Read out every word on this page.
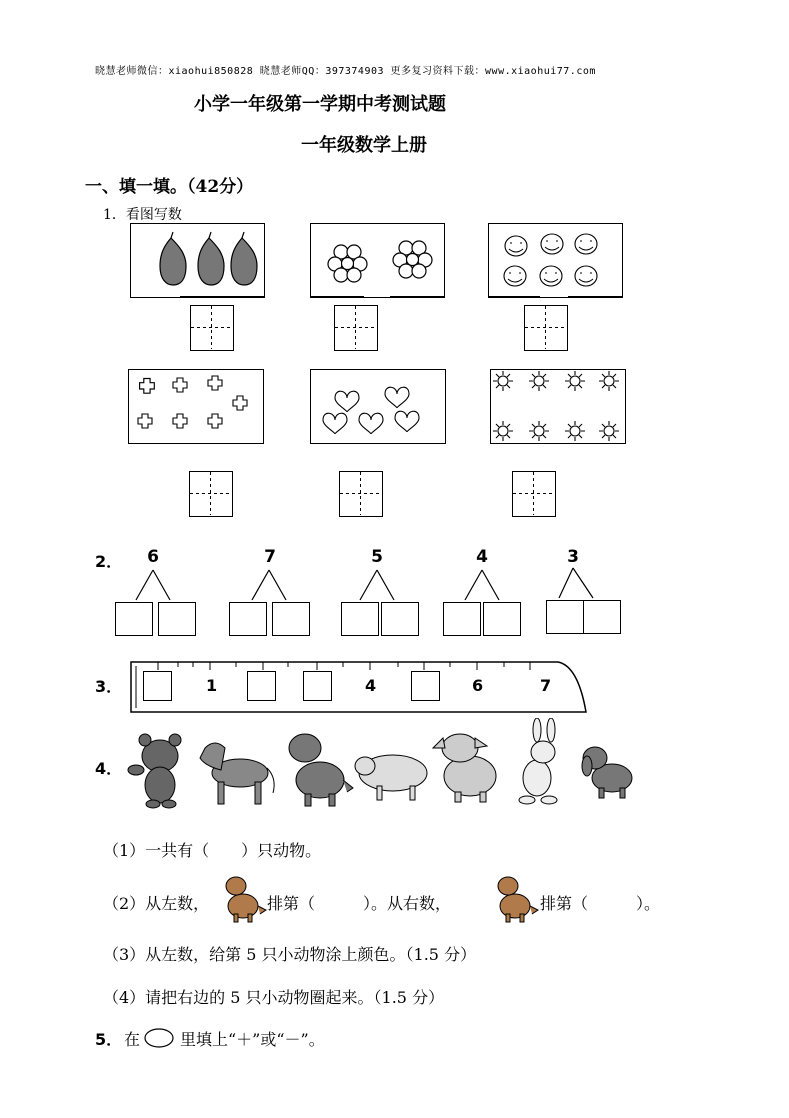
晓慧老师微信：xiaohui850828 晓慧老师QQ：397374903 更多复习资料下载：www.xiaohui77.com
小学一年级第一学期中考测试题
一年级数学上册
一、填一填。（42分）
1．看图写数
2． 6	7	5	4	3
3．	1	4	6	7
4．
（1）一共有（　　）只动物。
（2）从左数，	排第（　　　）。从右数，	排第（　　　）。
（3）从左数，给第 5 只小动物涂上颜色。（1.5 分）
（4）请把右边的 5 只小动物圈起来。（1.5 分）
5． 在 里填上“＋”或“－”。
